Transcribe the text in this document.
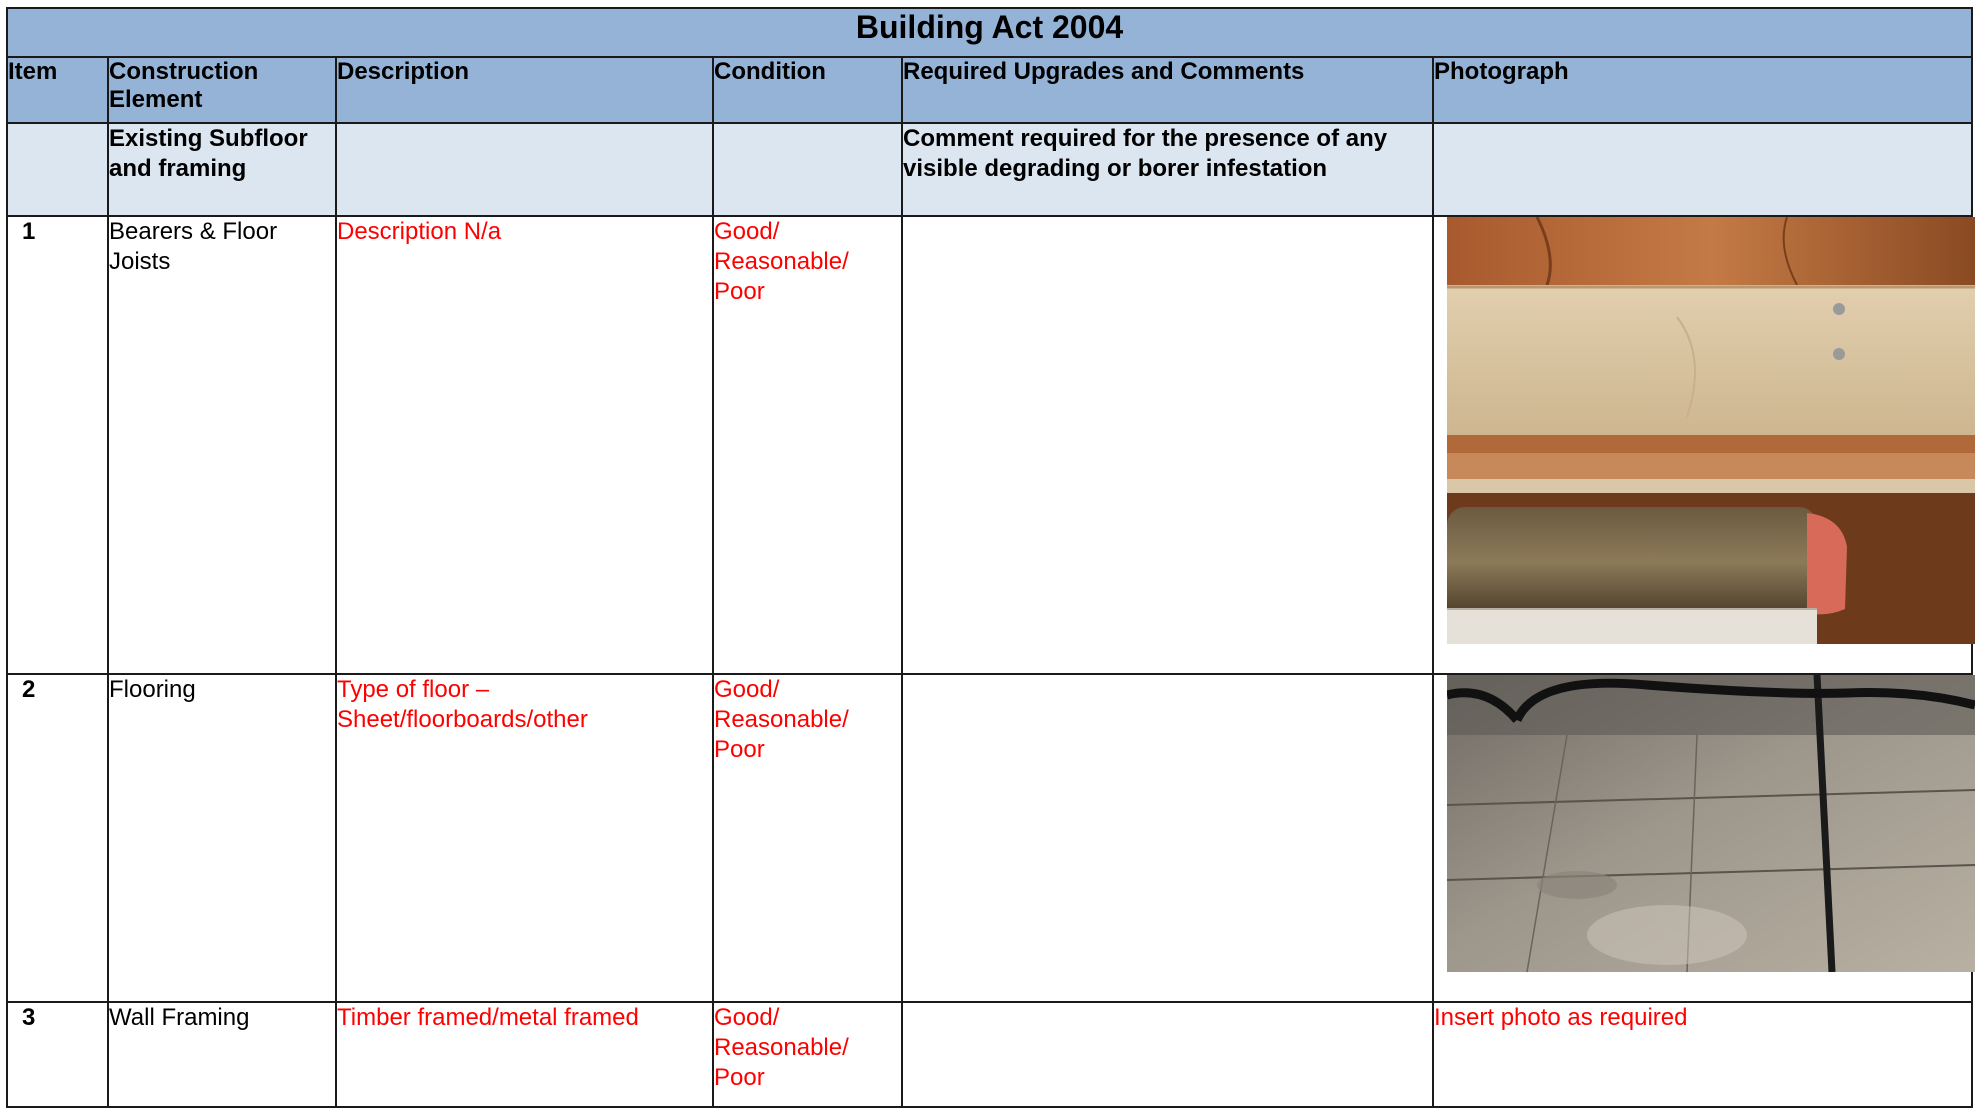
Building Act 2004					
Item	Construction Element	Description	Condition	Required Upgrades and Comments	Photograph
	Existing Subfloor and framing			Comment required for the presence of any visible degrading or borer infestation	
1	Bearers & Floor Joists	Description N/a	Good/ Reasonable/ Poor		

2	Flooring	Type of floor – Sheet/floorboards/other	Good/ Reasonable/ Poor		

3	Wall Framing	Timber framed/metal framed	Good/ Reasonable/ Poor		Insert photo as required
